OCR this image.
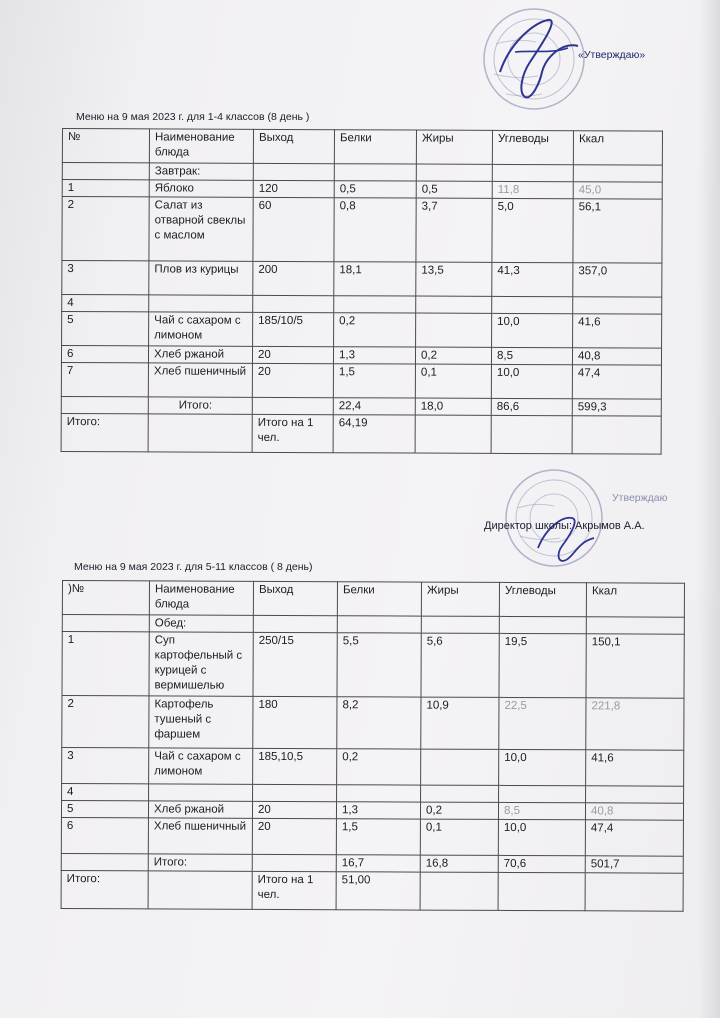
«Утверждаю»
Меню на 9 мая 2023 г. для 1-4 классов (8 день )
№	Наименование блюда	Выход	Белки	Жиры	Углеводы	Ккал
	Завтрак:					
1	Яблоко	120	0,5	0,5	11,8	45,0
2	Салат из отварной свеклы с маслом	60	0,8	3,7	5,0	56,1
3	Плов из курицы	200	18,1	13,5	41,3	357,0
4						
5	Чай с сахаром с лимоном	185/10/5	0,2		10,0	41,6
6	Хлеб ржаной	20	1,3	0,2	8,5	40,8
7	Хлеб пшеничный	20	1,5	0,1	10,0	47,4
	Итого:		22,4	18,0	86,6	599,3
Итого:		Итого на 1 чел.	64,19			
Утверждаю
Директор школы: Акрымов А.А.
Меню на 9 мая 2023 г. для 5-11 классов ( 8 день)
)№	Наименование блюда	Выход	Белки	Жиры	Углеводы	Ккал
	Обед:					
1	Суп картофельный с курицей с вермишелью	250/15	5,5	5,6	19,5	150,1
2	Картофель тушеный с фаршем	180	8,2	10,9	22,5	221,8
3	Чай с сахаром с лимоном	185,10,5	0,2		10,0	41,6
4						
5	Хлеб ржаной	20	1,3	0,2	8,5	40,8
6	Хлеб пшеничный	20	1,5	0,1	10,0	47,4
	Итого:		16,7	16,8	70,6	501,7
Итого:		Итого на 1 чел.	51,00			
